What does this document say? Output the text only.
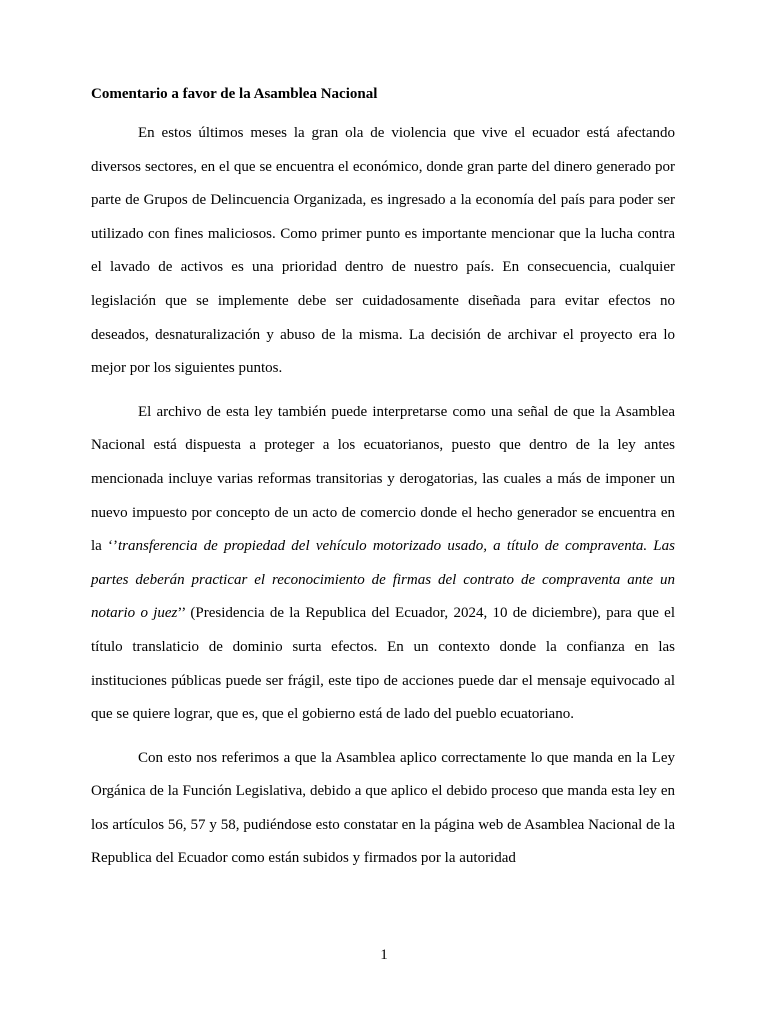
Comentario a favor de la Asamblea Nacional

En estos últimos meses la gran ola de violencia que vive el ecuador está afectando diversos sectores, en el que se encuentra el económico, donde gran parte del dinero generado por parte de Grupos de Delincuencia Organizada, es ingresado a la economía del país para poder ser utilizado con fines maliciosos. Como primer punto es importante mencionar que la lucha contra el lavado de activos es una prioridad dentro de nuestro país. En consecuencia, cualquier legislación que se implemente debe ser cuidadosamente diseñada para evitar efectos no deseados, desnaturalización y abuso de la misma. La decisión de archivar el proyecto era lo mejor por los siguientes puntos.

El archivo de esta ley también puede interpretarse como una señal de que la Asamblea Nacional está dispuesta a proteger a los ecuatorianos, puesto que dentro de la ley antes mencionada incluye varias reformas transitorias y derogatorias, las cuales a más de imponer un nuevo impuesto por concepto de un acto de comercio donde el hecho generador se encuentra en la ‘’transferencia de propiedad del vehículo motorizado usado, a título de compraventa. Las partes deberán practicar el reconocimiento de firmas del contrato de compraventa ante un notario o juez’’ (Presidencia de la Republica del Ecuador, 2024, 10 de diciembre), para que el título translaticio de dominio surta efectos. En un contexto donde la confianza en las instituciones públicas puede ser frágil, este tipo de acciones puede dar el mensaje equivocado al que se quiere lograr, que es, que el gobierno está de lado del pueblo ecuatoriano.

Con esto nos referimos a que la Asamblea aplico correctamente lo que manda en la Ley Orgánica de la Función Legislativa, debido a que aplico el debido proceso que manda esta ley en los artículos 56, 57 y 58, pudiéndose esto constatar en la página web de Asamblea Nacional de la Republica del Ecuador como están subidos y firmados por la autoridad

1
